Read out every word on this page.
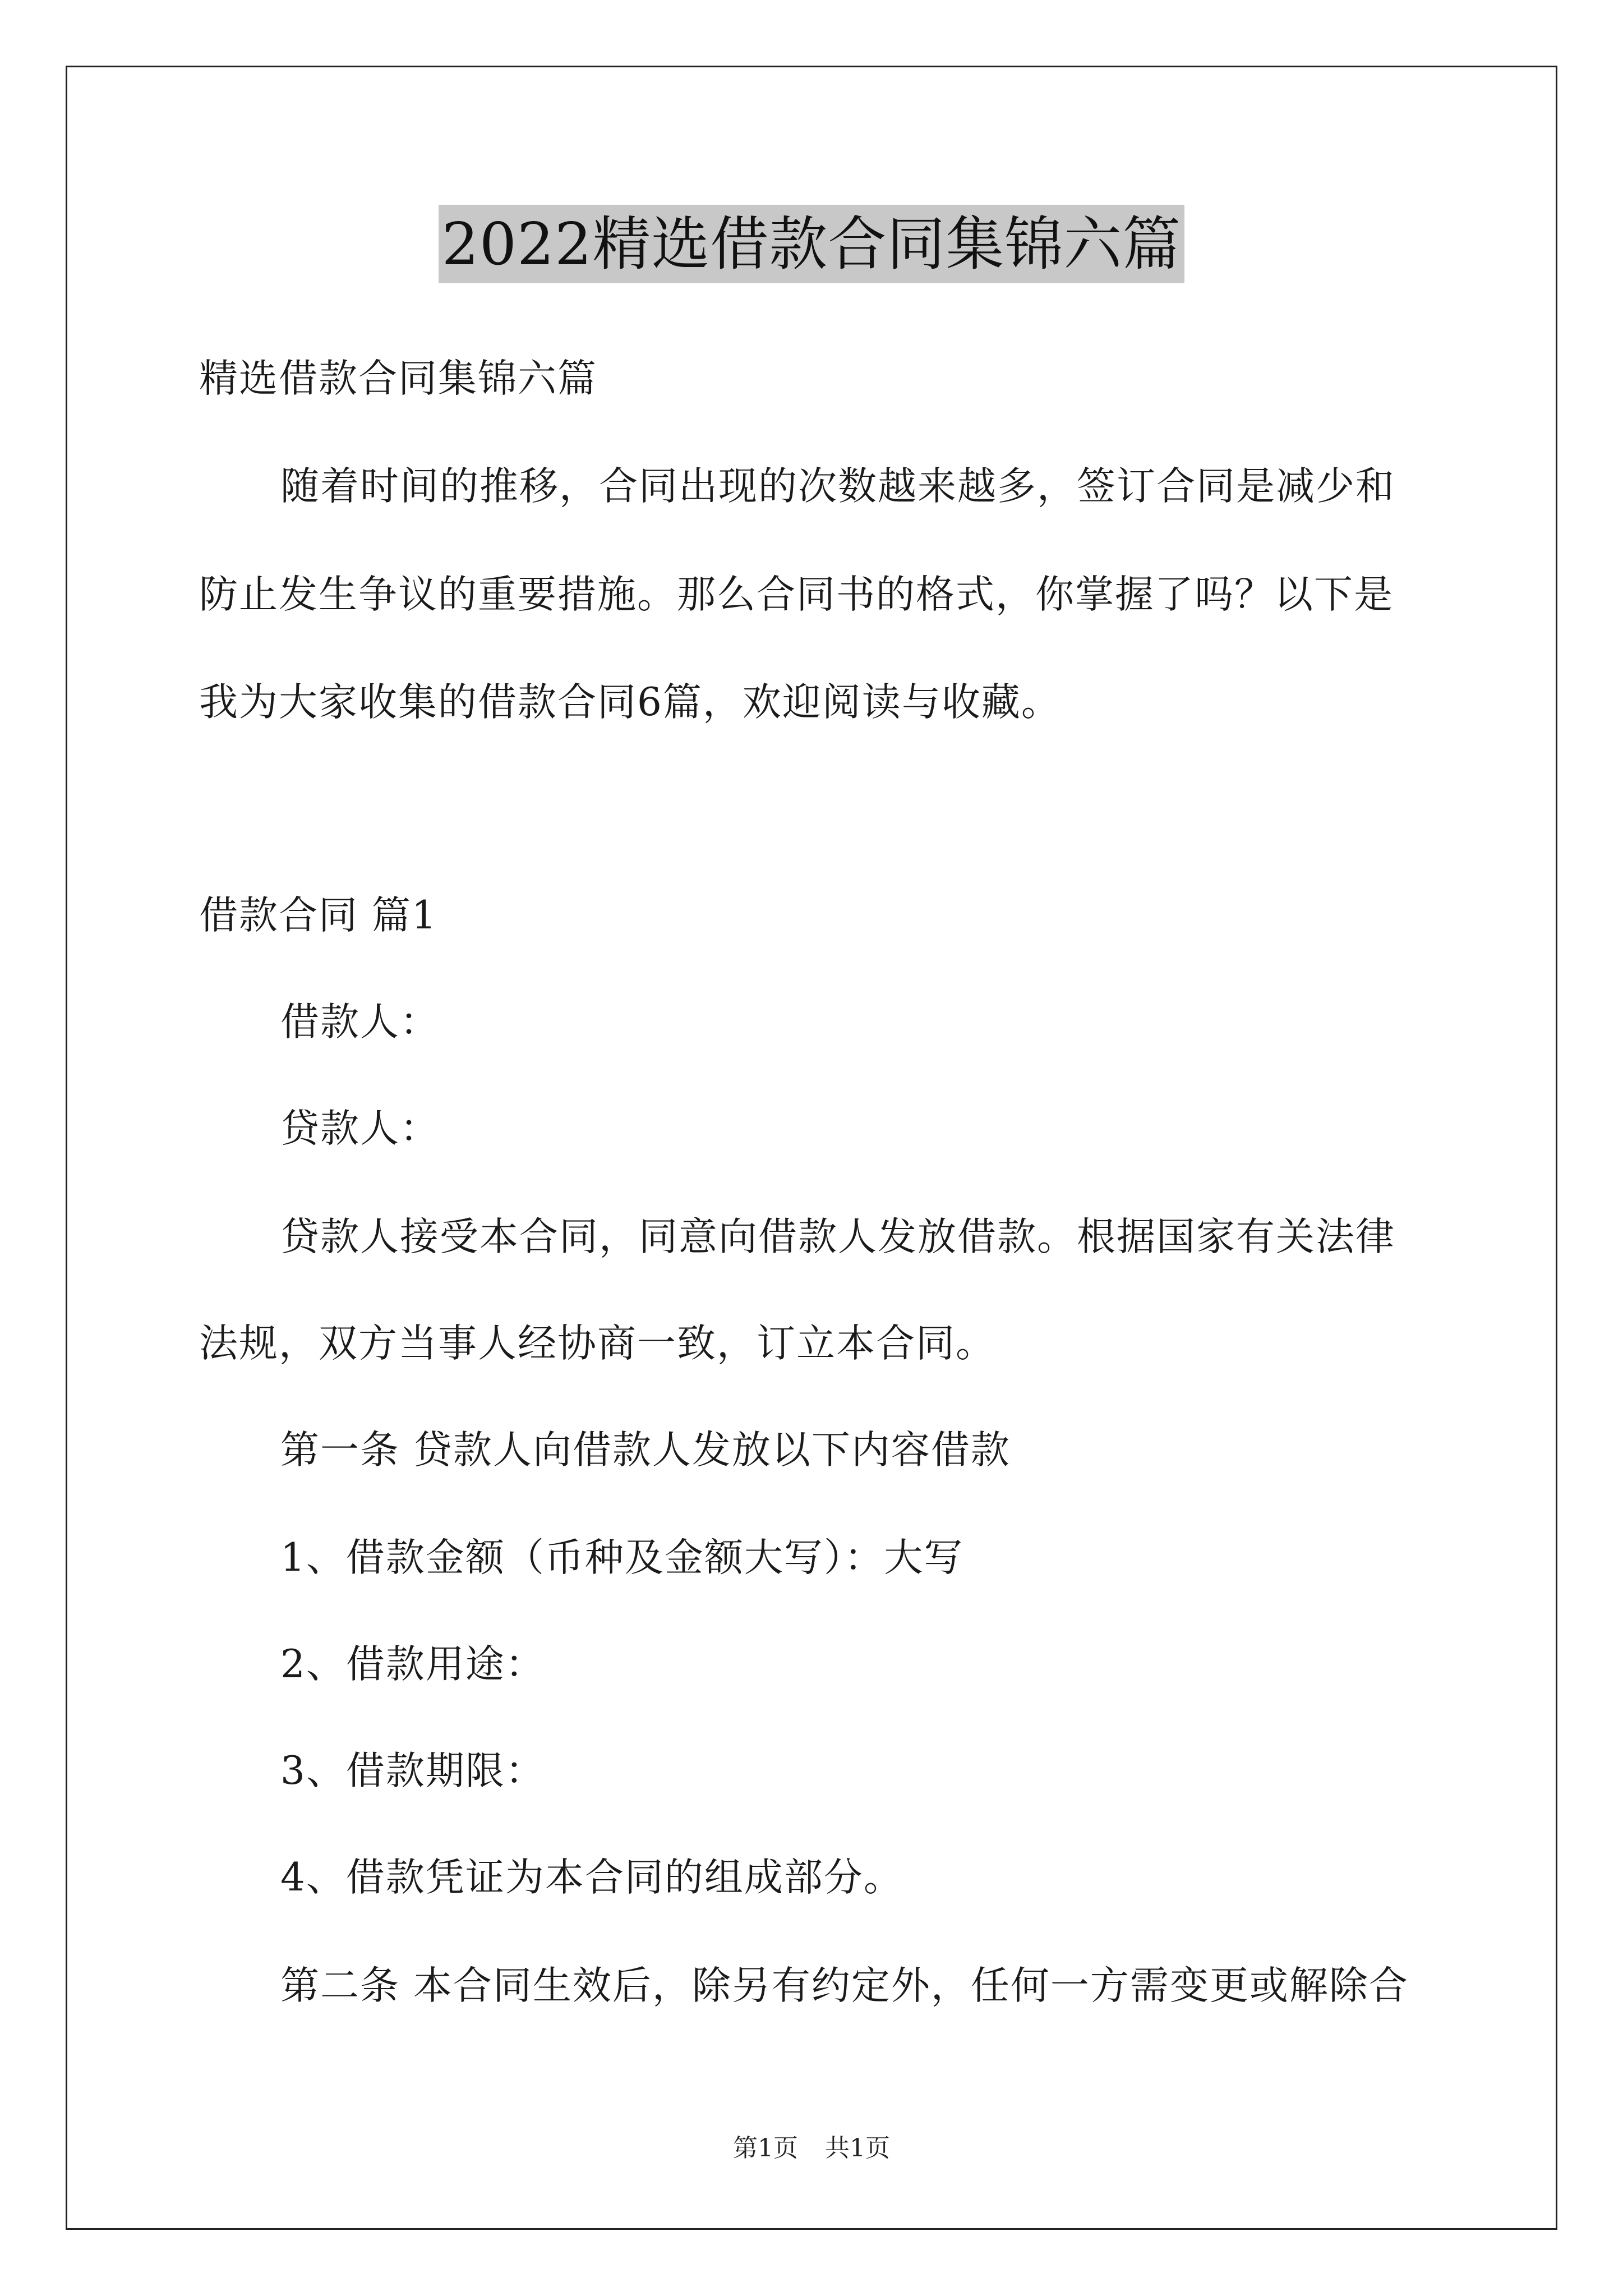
2022精选借款合同集锦六篇
精选借款合同集锦六篇
随着时间的推移，合同出现的次数越来越多，签订合同是减少和
防止发生争议的重要措施。那么合同书的格式，你掌握了吗？以下是
我为大家收集的借款合同6篇，欢迎阅读与收藏。
借款合同 篇1
借款人：
贷款人：
贷款人接受本合同，同意向借款人发放借款。根据国家有关法律
法规，双方当事人经协商一致，订立本合同。
第一条 贷款人向借款人发放以下内容借款
1、借款金额（币种及金额大写）：大写
2、借款用途：
3、借款期限：
4、借款凭证为本合同的组成部分。
第二条 本合同生效后，除另有约定外，任何一方需变更或解除合
第1页 共1页
